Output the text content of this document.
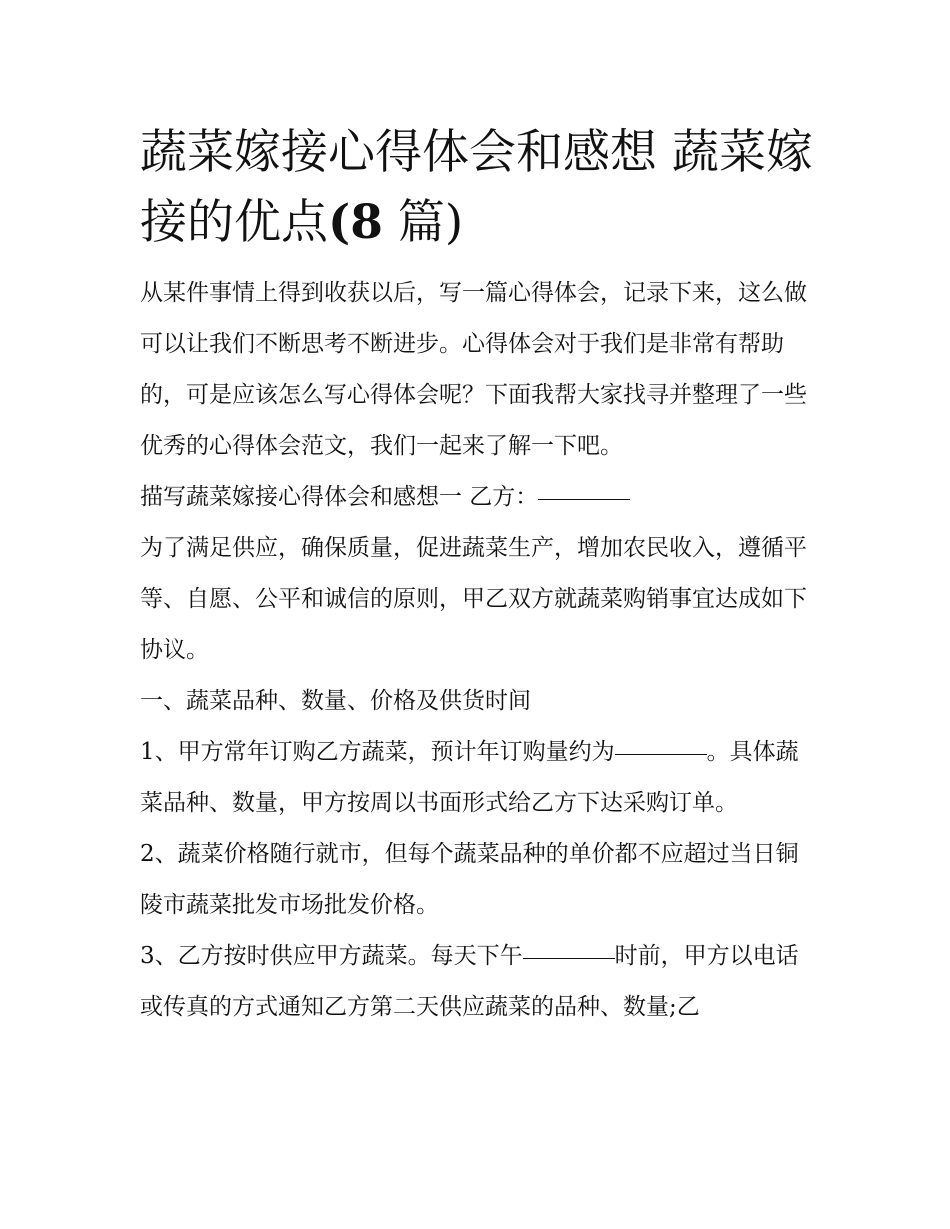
蔬菜嫁接心得体会和感想 蔬菜嫁接的优点(8 篇)

从某件事情上得到收获以后，写一篇心得体会，记录下来，这么做可以让我们不断思考不断进步。心得体会对于我们是非常有帮助的，可是应该怎么写心得体会呢？下面我帮大家找寻并整理了一些优秀的心得体会范文，我们一起来了解一下吧。

描写蔬菜嫁接心得体会和感想一 乙方：

为了满足供应，确保质量，促进蔬菜生产，增加农民收入，遵循平等、自愿、公平和诚信的原则，甲乙双方就蔬菜购销事宜达成如下协议。

一、蔬菜品种、数量、价格及供货时间

1、甲方常年订购乙方蔬菜，预计年订购量约为	。具体蔬菜品种、数量，甲方按周以书面形式给乙方下达采购订单。

2、蔬菜价格随行就市，但每个蔬菜品种的单价都不应超过当日铜陵市蔬菜批发市场批发价格。

3、乙方按时供应甲方蔬菜。每天下午	时前，甲方以电话或传真的方式通知乙方第二天供应蔬菜的品种、数量;乙
